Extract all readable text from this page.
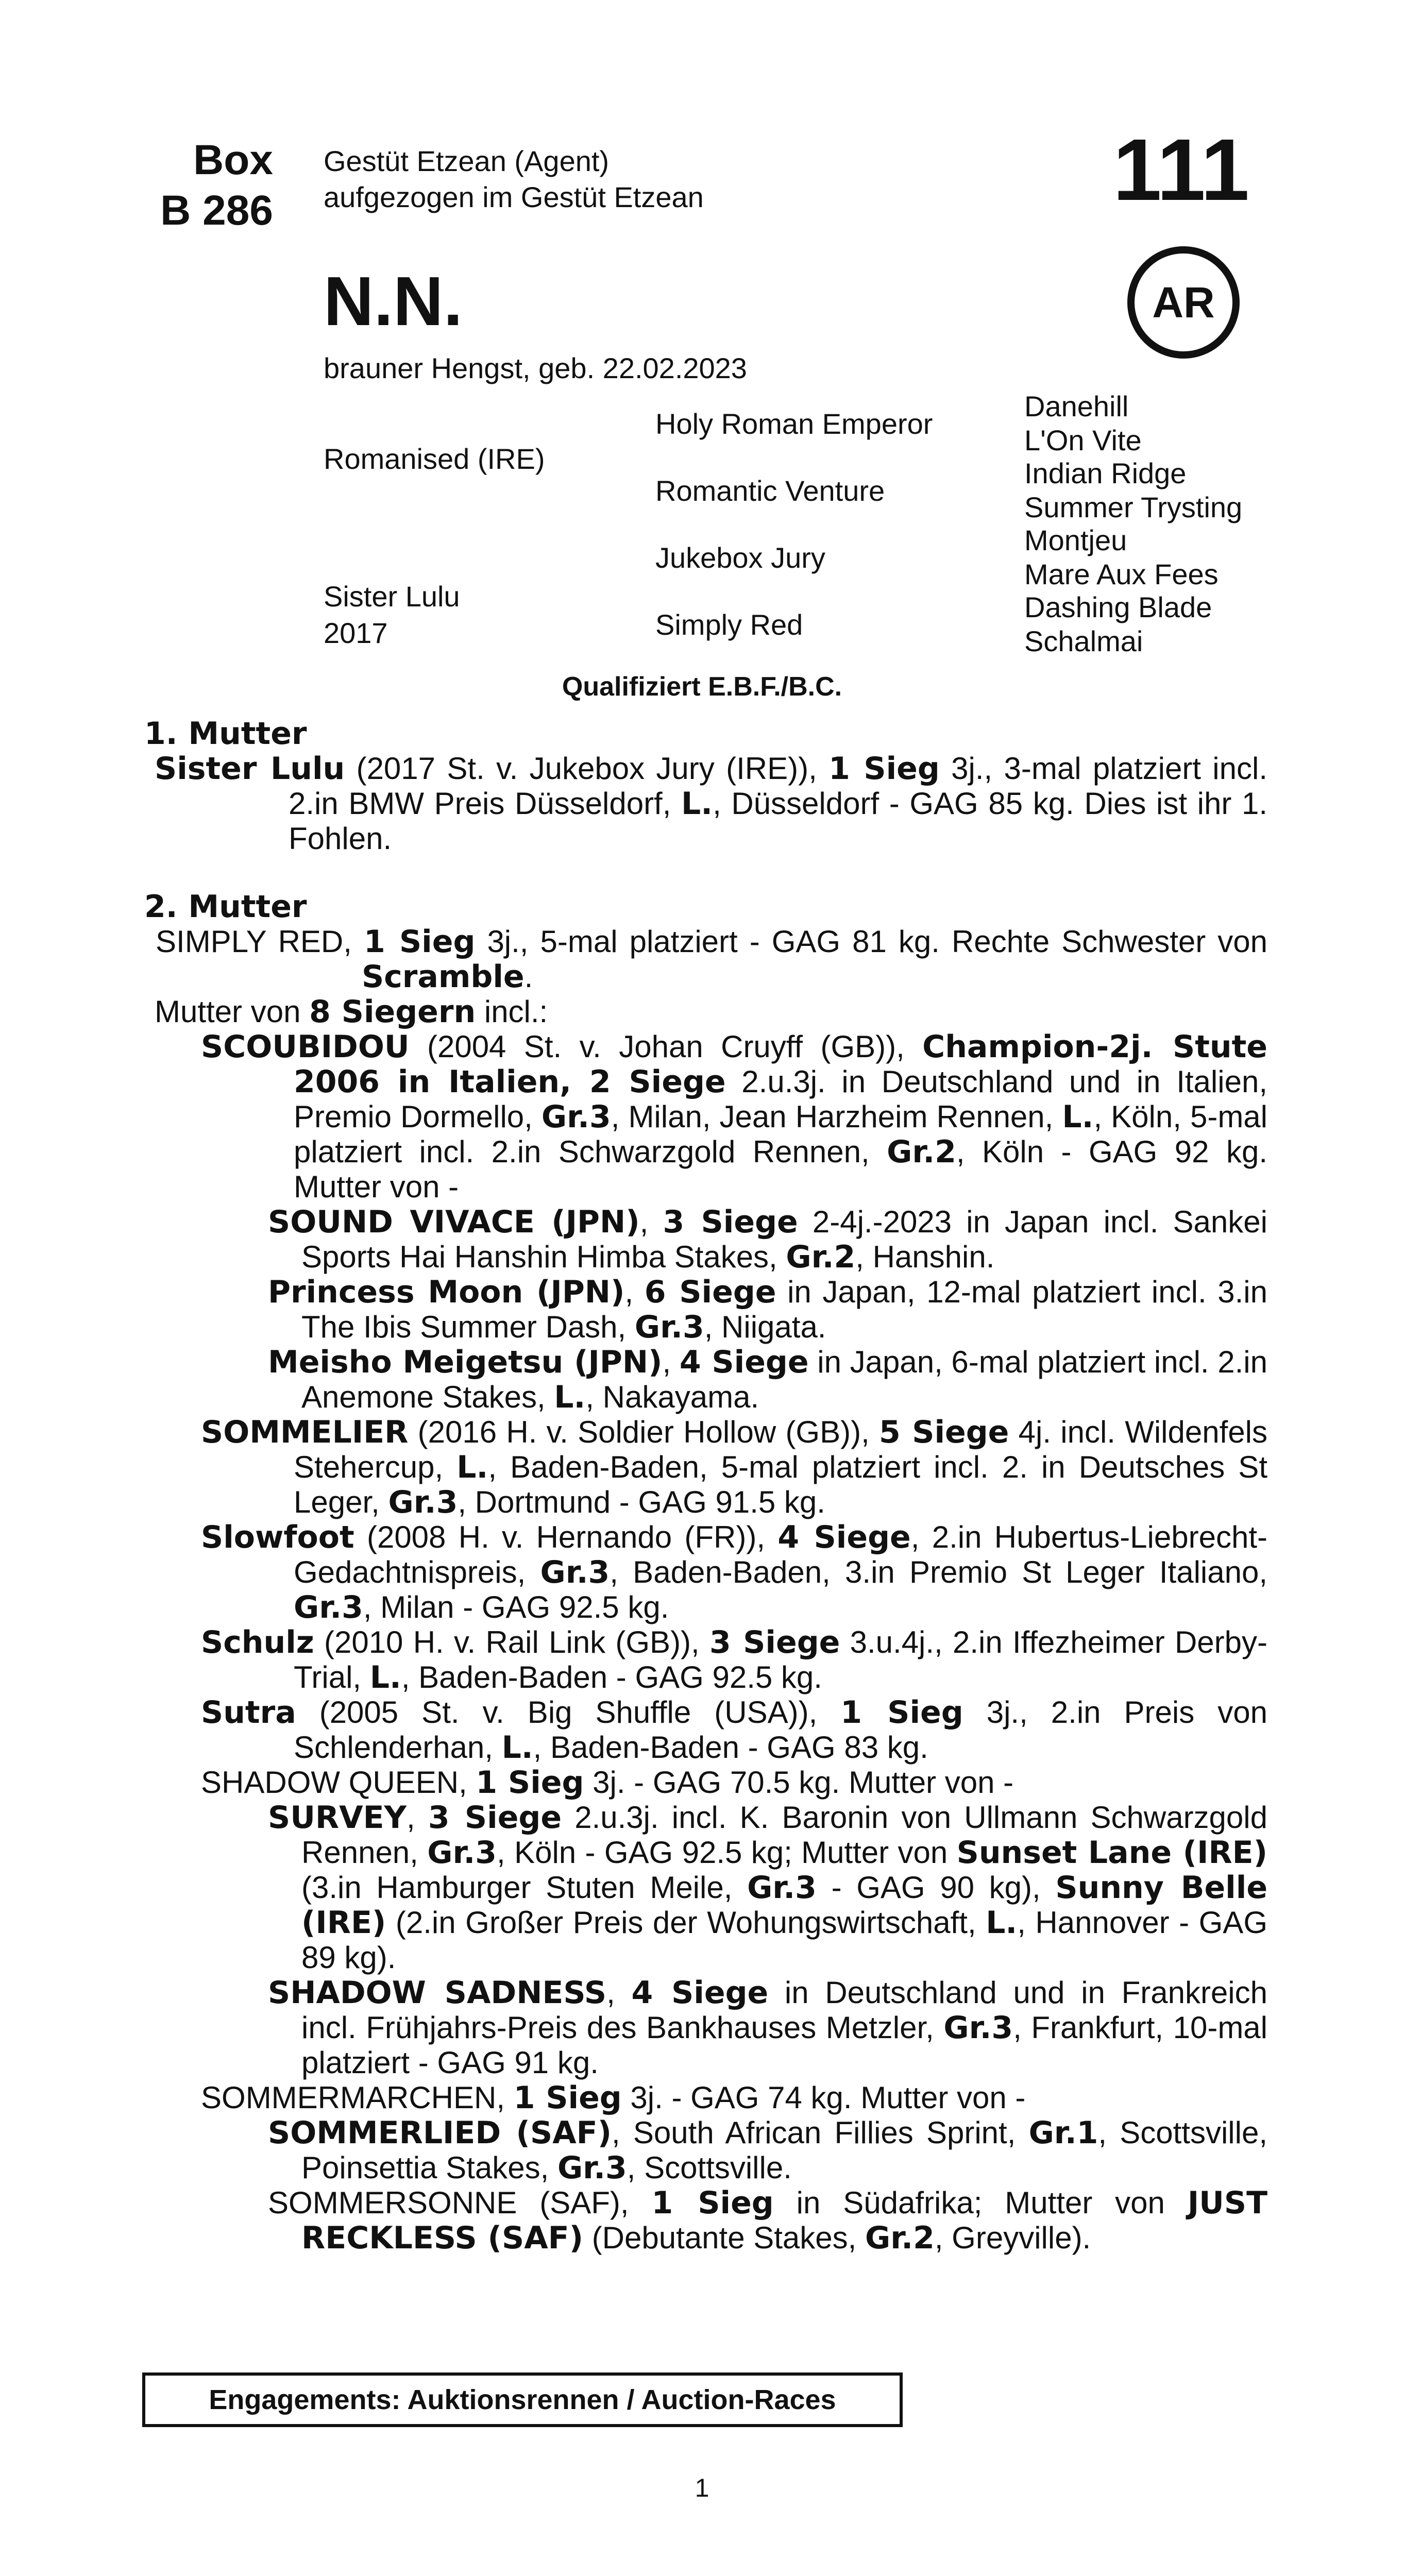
Box
B 286
Gestüt Etzean (Agent)
aufgezogen im Gestüt Etzean	111
AR
N.N.
brauner Hengst, geb. 22.02.2023
Romanised (IRE)
Sister Lulu
2017
Holy Roman Emperor
Romantic Venture
Jukebox Jury
Simply Red
Danehill
L'On Vite
Indian Ridge
Summer Trysting
Montjeu
Mare Aux Fees
Dashing Blade
Schalmai
Qualifiziert E.B.F./B.C.
1. Mutter

Sister Lulu (2017 St. v. Jukebox Jury (IRE)), 1 Sieg 3j., 3-mal platziert incl. 2.in BMW Preis Düsseldorf, L., Düsseldorf - GAG 85 kg. Dies ist ihr 1. Fohlen.

2. Mutter

SIMPLY RED, 1 Sieg 3j., 5-mal platziert - GAG 81 kg. Rechte Schwester von Scramble.

Mutter von 8 Siegern incl.:

SCOUBIDOU (2004 St. v. Johan Cruyff (GB)), Champion-2j. Stute 2006 in Italien, 2 Siege 2.u.3j. in Deutschland und in Italien, Premio Dormello, Gr.3, Milan, Jean Harzheim Rennen, L., Köln, 5-mal platziert incl. 2.in Schwarzgold Rennen, Gr.2, Köln - GAG 92 kg. Mutter von -

SOUND VIVACE (JPN), 3 Siege 2-4j.-2023 in Japan incl. Sankei Sports Hai Hanshin Himba Stakes, Gr.2, Hanshin.

Princess Moon (JPN), 6 Siege in Japan, 12-mal platziert incl. 3.in The Ibis Summer Dash, Gr.3, Niigata.

Meisho Meigetsu (JPN), 4 Siege in Japan, 6-mal platziert incl. 2.in Anemone Stakes, L., Nakayama.

SOMMELIER (2016 H. v. Soldier Hollow (GB)), 5 Siege 4j. incl. Wildenfels Stehercup, L., Baden-Baden, 5-mal platziert incl. 2. in Deutsches St Leger, Gr.3, Dortmund - GAG 91.5 kg.

Slowfoot (2008 H. v. Hernando (FR)), 4 Siege, 2.in Hubertus-Liebrecht-Gedachtnispreis, Gr.3, Baden-Baden, 3.in Premio St Leger Italiano, Gr.3, Milan - GAG 92.5 kg.

Schulz (2010 H. v. Rail Link (GB)), 3 Siege 3.u.4j., 2.in Iffezheimer Derby-Trial, L., Baden-Baden - GAG 92.5 kg.

Sutra (2005 St. v. Big Shuffle (USA)), 1 Sieg 3j., 2.in Preis von Schlenderhan, L., Baden-Baden - GAG 83 kg.

SHADOW QUEEN, 1 Sieg 3j. - GAG 70.5 kg. Mutter von -

SURVEY, 3 Siege 2.u.3j. incl. K. Baronin von Ullmann Schwarzgold Rennen, Gr.3, Köln - GAG 92.5 kg; Mutter von Sunset Lane (IRE) (3.in Hamburger Stuten Meile, Gr.3 - GAG 90 kg), Sunny Belle (IRE) (2.in Großer Preis der Wohungswirtschaft, L., Hannover - GAG 89 kg).

SHADOW SADNESS, 4 Siege in Deutschland und in Frankreich incl. Frühjahrs-Preis des Bankhauses Metzler, Gr.3, Frankfurt, 10-mal platziert - GAG 91 kg.

SOMMERMARCHEN, 1 Sieg 3j. - GAG 74 kg. Mutter von -

SOMMERLIED (SAF), South African Fillies Sprint, Gr.1, Scottsville, Poinsettia Stakes, Gr.3, Scottsville.

SOMMERSONNE (SAF), 1 Sieg in Südafrika; Mutter von JUST RECKLESS (SAF) (Debutante Stakes, Gr.2, Greyville).

Engagements: Auktionsrennen / Auction-Races
1
